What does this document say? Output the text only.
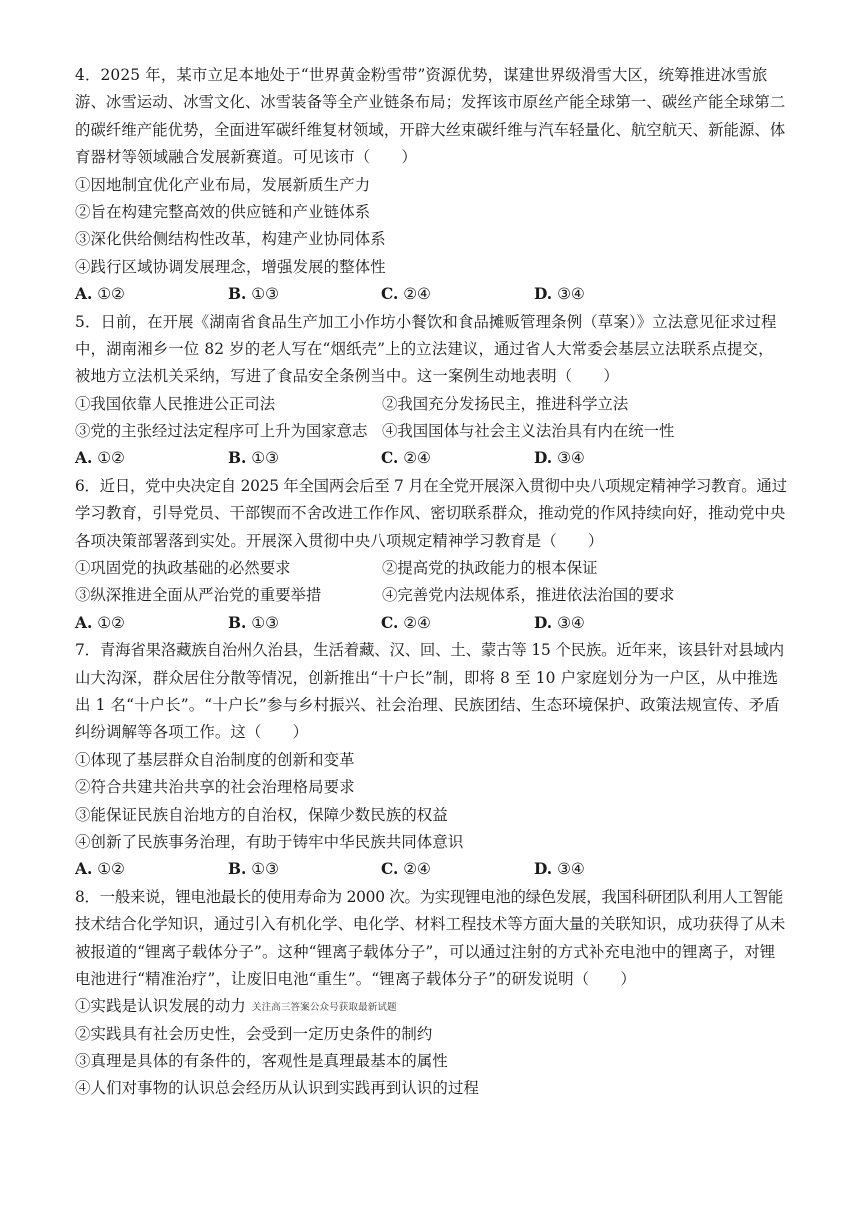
4．2025 年，某市立足本地处于“世界黄金粉雪带”资源优势，谋建世界级滑雪大区，统筹推进冰雪旅
游、冰雪运动、冰雪文化、冰雪装备等全产业链条布局；发挥该市原丝产能全球第一、碳丝产能全球第二
的碳纤维产能优势，全面进军碳纤维复材领域，开辟大丝束碳纤维与汽车轻量化、航空航天、新能源、体
育器材等领域融合发展新赛道。可见该市（　　）
①因地制宜优化产业布局，发展新质生产力
②旨在构建完整高效的供应链和产业链体系
③深化供给侧结构性改革，构建产业协同体系
④践行区域协调发展理念，增强发展的整体性
A. ①②	B. ①③	C. ②④	D. ③④
5．日前，在开展《湖南省食品生产加工小作坊小餐饮和食品摊贩管理条例（草案）》立法意见征求过程
中，湖南湘乡一位 82 岁的老人写在“烟纸壳”上的立法建议，通过省人大常委会基层立法联系点提交，
被地方立法机关采纳，写进了食品安全条例当中。这一案例生动地表明（　　）
①我国依靠人民推进公正司法	②我国充分发扬民主，推进科学立法
③党的主张经过法定程序可上升为国家意志 ④我国国体与社会主义法治具有内在统一性
A. ①②	B. ①③	C. ②④	D. ③④
6．近日，党中央决定自 2025 年全国两会后至 7 月在全党开展深入贯彻中央八项规定精神学习教育。通过
学习教育，引导党员、干部锲而不舍改进工作作风、密切联系群众，推动党的作风持续向好，推动党中央
各项决策部署落到实处。开展深入贯彻中央八项规定精神学习教育是（　　）
①巩固党的执政基础的必然要求	②提高党的执政能力的根本保证
③纵深推进全面从严治党的重要举措	④完善党内法规体系，推进依法治国的要求
A. ①②	B. ①③	C. ②④	D. ③④
7．青海省果洛藏族自治州久治县，生活着藏、汉、回、土、蒙古等 15 个民族。近年来，该县针对县域内
山大沟深，群众居住分散等情况，创新推出“十户长”制，即将 8 至 10 户家庭划分为一户区，从中推选
出 1 名“十户长”。“十户长”参与乡村振兴、社会治理、民族团结、生态环境保护、政策法规宣传、矛盾
纠纷调解等各项工作。这（　　）
①体现了基层群众自治制度的创新和变革
②符合共建共治共享的社会治理格局要求
③能保证民族自治地方的自治权，保障少数民族的权益
④创新了民族事务治理，有助于铸牢中华民族共同体意识
A. ①②	B. ①③	C. ②④	D. ③④
8．一般来说，锂电池最长的使用寿命为 2000 次。为实现锂电池的绿色发展，我国科研团队利用人工智能
技术结合化学知识，通过引入有机化学、电化学、材料工程技术等方面大量的关联知识，成功获得了从未
被报道的“锂离子载体分子”。这种“锂离子载体分子”，可以通过注射的方式补充电池中的锂离子，对锂
电池进行“精准治疗”，让废旧电池“重生”。“锂离子载体分子”的研发说明（　　）
①实践是认识发展的动力 关注高三答案公众号获取最新试题
②实践具有社会历史性，会受到一定历史条件的制约
③真理是具体的有条件的，客观性是真理最基本的属性
④人们对事物的认识总会经历从认识到实践再到认识的过程
